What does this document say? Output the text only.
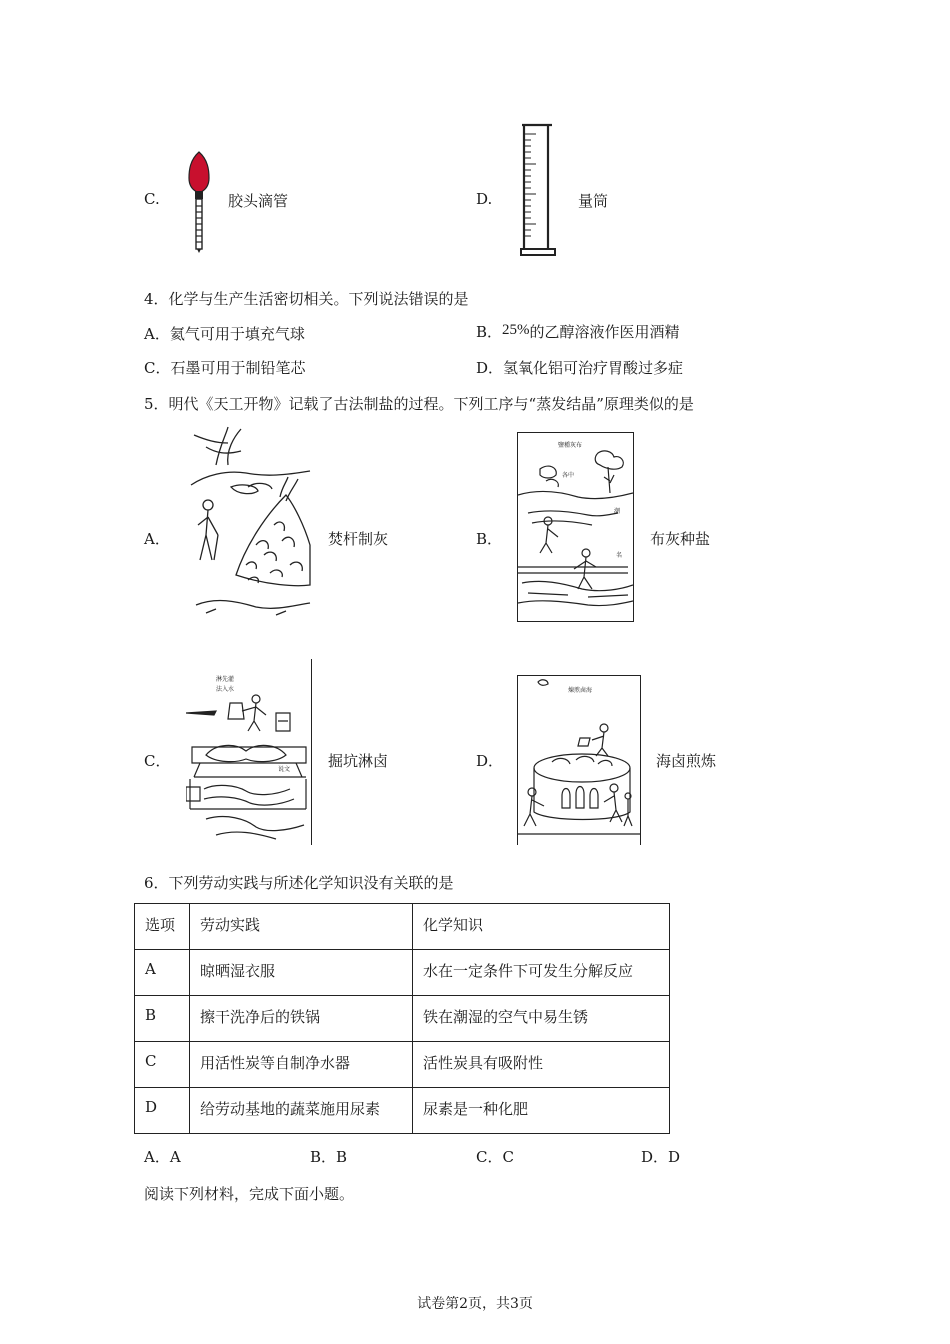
C.	胶头滴管	D.	量筒
4．化学与生产生活密切相关。下列说法错误的是
A．氦气可用于填充气球	B．25%的乙醇溶液作医用酒精
C．石墨可用于制铅笔芯	D．氢氧化铝可治疗胃酸过多症
5．明代《天工开物》记载了古法制盐的过程。下列工序与“蒸发结晶”原理类似的是
A．	焚杆制灰	B．
鹽種灰布
各中
潮
名
布灰种盐
C．
淋先灌
法入水
说文	掘坑淋卤	D．
煉煎鹵海
海卤煎炼
6．下列劳动实践与所述化学知识没有关联的是
选项	劳动实践	化学知识
A	晾晒湿衣服	水在一定条件下可发生分解反应
B	擦干洗净后的铁锅	铁在潮湿的空气中易生锈
C	用活性炭等自制净水器	活性炭具有吸附性
D	给劳动基地的蔬菜施用尿素	尿素是一种化肥
A．A	B．B	C．C	D．D
阅读下列材料，完成下面小题。
试卷第2页，共3页
